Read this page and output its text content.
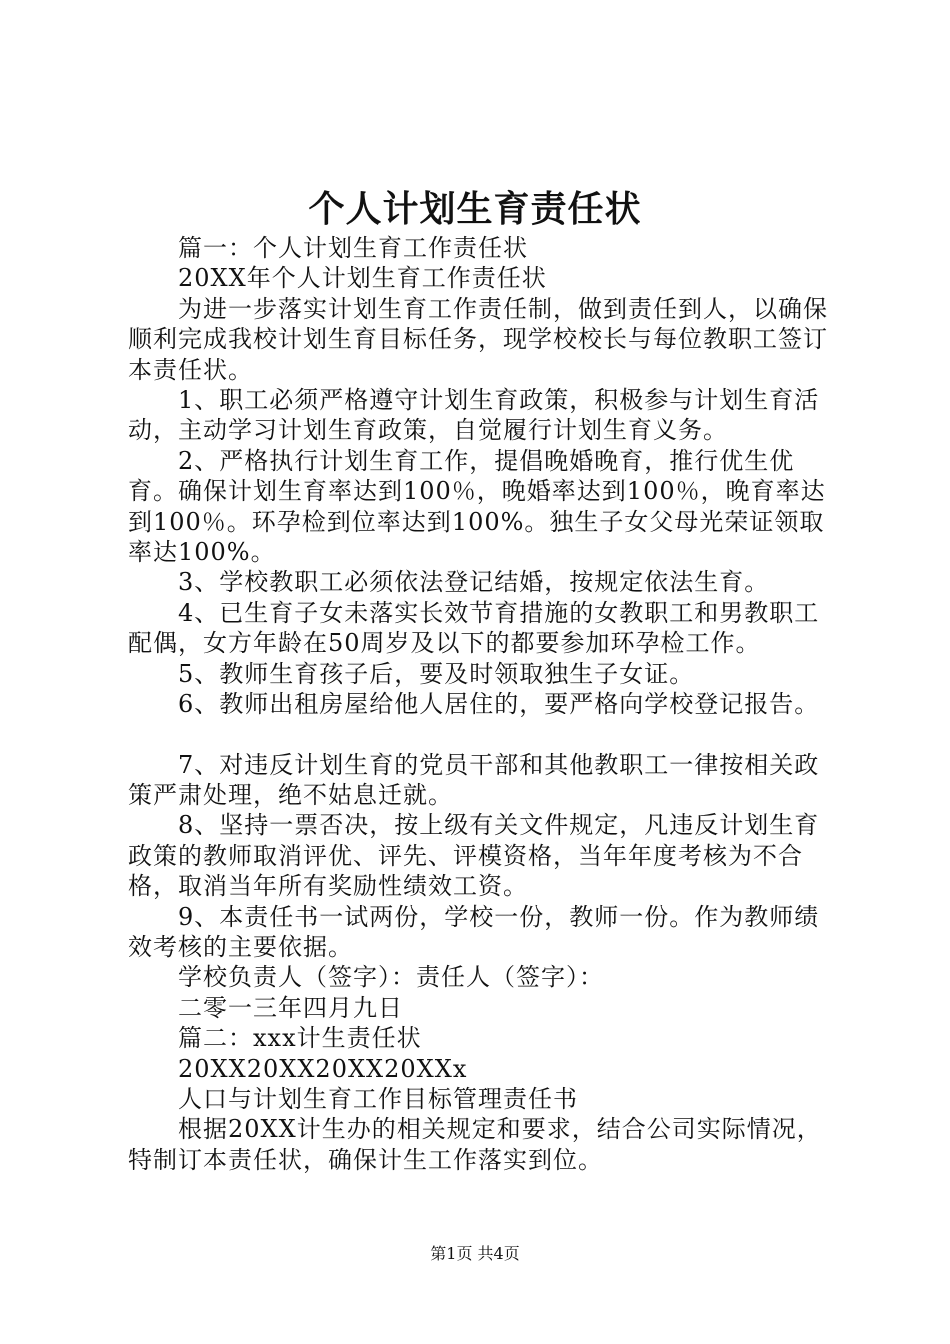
个人计划生育责任状

篇一：个人计划生育工作责任状

20XX年个人计划生育工作责任状

为进一步落实计划生育工作责任制，做到责任到人，以确保顺利完成我校计划生育目标任务，现学校校长与每位教职工签订本责任状。

1、职工必须严格遵守计划生育政策，积极参与计划生育活动，主动学习计划生育政策，自觉履行计划生育义务。

2、严格执行计划生育工作，提倡晚婚晚育，推行优生优育。确保计划生育率达到100％，晚婚率达到100％，晚育率达到100％。环孕检到位率达到100%。独生子女父母光荣证领取率达100%。

3、学校教职工必须依法登记结婚，按规定依法生育。

4、已生育子女未落实长效节育措施的女教职工和男教职工配偶，女方年龄在50周岁及以下的都要参加环孕检工作。

5、教师生育孩子后，要及时领取独生子女证。

6、教师出租房屋给他人居住的，要严格向学校登记报告。

7、对违反计划生育的党员干部和其他教职工一律按相关政策严肃处理，绝不姑息迁就。

8、坚持一票否决，按上级有关文件规定，凡违反计划生育政策的教师取消评优、评先、评模资格，当年年度考核为不合格，取消当年所有奖励性绩效工资。

9、本责任书一试两份，学校一份，教师一份。作为教师绩效考核的主要依据。

学校负责人（签字）：责任人（签字）：

二零一三年四月九日

篇二：xxx计生责任状

20XX20XX20XX20XXx

人口与计划生育工作目标管理责任书

根据20XX计生办的相关规定和要求，结合公司实际情况，特制订本责任状，确保计生工作落实到位。

第1页 共4页
